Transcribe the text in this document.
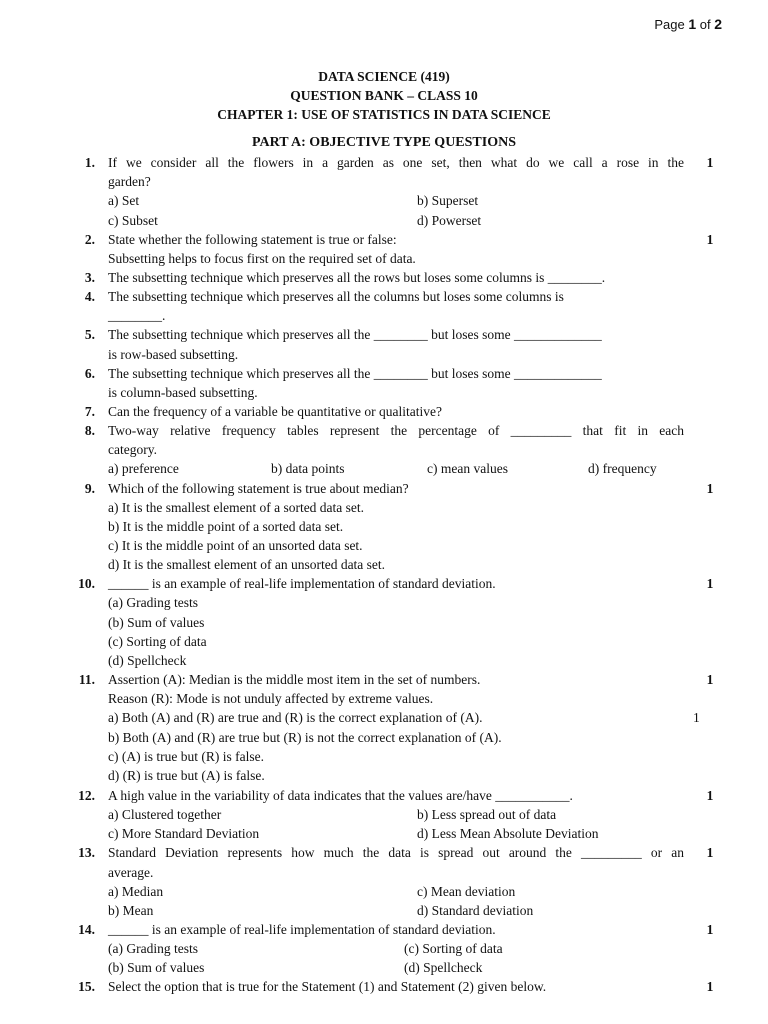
Page 1 of 2
DATA SCIENCE (419)
QUESTION BANK – CLASS 10
CHAPTER 1: USE OF STATISTICS IN DATA SCIENCE
PART A: OBJECTIVE TYPE QUESTIONS
1. If we consider all the flowers in a garden as one set, then what do we call a rose in the	1
garden?
a) Set	b) Superset
c) Subset	d) Powerset
2. State whether the following statement is true or false:	1
Subsetting helps to focus first on the required set of data.
3. The subsetting technique which preserves all the rows but loses some columns is ________.
4. The subsetting technique which preserves all the columns but loses some columns is
________.
5. The subsetting technique which preserves all the ________ but loses some _____________
is row-based subsetting.
6. The subsetting technique which preserves all the ________ but loses some _____________
is column-based subsetting.
7. Can the frequency of a variable be quantitative or qualitative?
8. Two-way relative frequency tables represent the percentage of _________ that fit in each
category.
a) preference	b) data points	c) mean values	d) frequency
9. Which of the following statement is true about median?	1
a) It is the smallest element of a sorted data set.
b) It is the middle point of a sorted data set.
c) It is the middle point of an unsorted data set.
d) It is the smallest element of an unsorted data set.
10. ______ is an example of real-life implementation of standard deviation.	1
(a) Grading tests
(b) Sum of values
(c) Sorting of data
(d) Spellcheck
11. Assertion (A): Median is the middle most item in the set of numbers.	1
Reason (R): Mode is not unduly affected by extreme values.
a) Both (A) and (R) are true and (R) is the correct explanation of (A).	1
b) Both (A) and (R) are true but (R) is not the correct explanation of (A).
c) (A) is true but (R) is false.
d) (R) is true but (A) is false.
12. A high value in the variability of data indicates that the values are/have ___________.	1
a) Clustered together	b) Less spread out of data
c) More Standard Deviation	d) Less Mean Absolute Deviation
13. Standard Deviation represents how much the data is spread out around the _________ or an	1
average.
a) Median	c) Mean deviation
b) Mean	d) Standard deviation
14. ______ is an example of real-life implementation of standard deviation.	1
(a) Grading tests	(c) Sorting of data
(b) Sum of values	(d) Spellcheck
15. Select the option that is true for the Statement (1) and Statement (2) given below.	1
